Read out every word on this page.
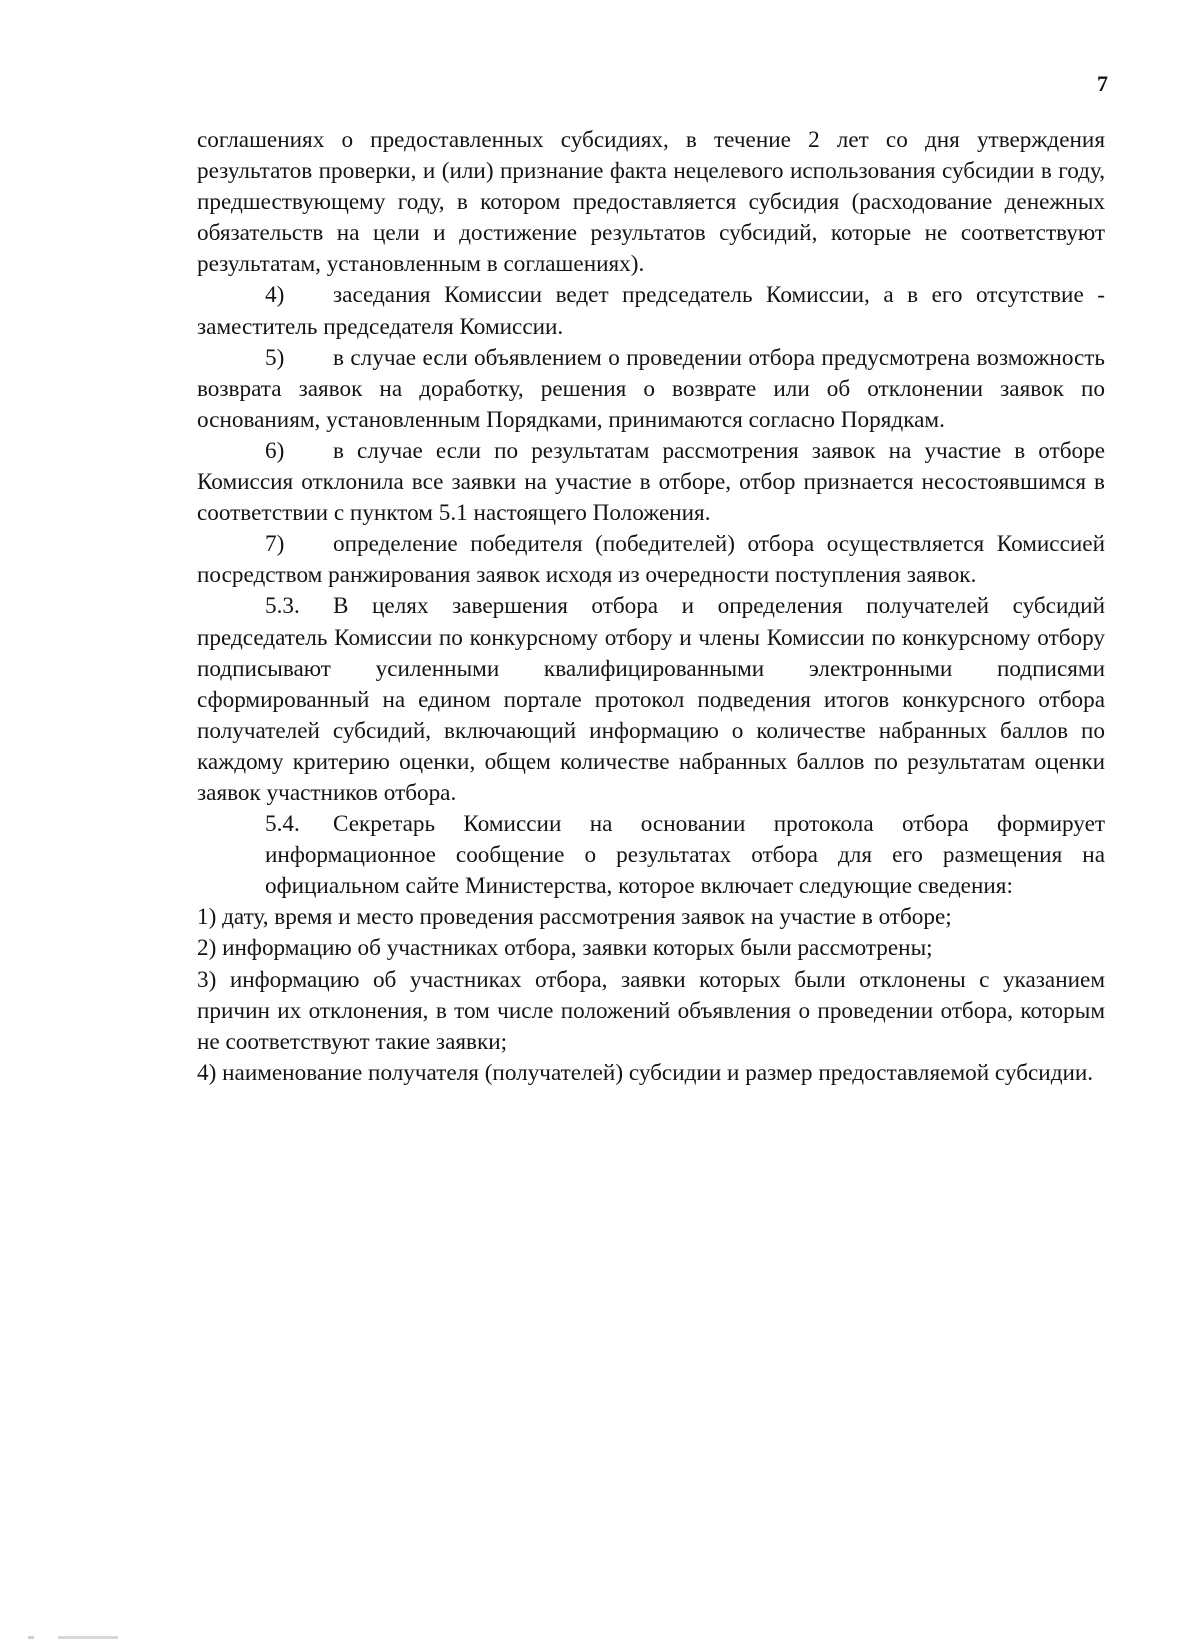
7

соглашениях о предоставленных субсидиях, в течение 2 лет со дня утверждения результатов проверки, и (или) признание факта нецелевого использования субсидии в году, предшествующему году, в котором предоставляется субсидия (расходование денежных обязательств на цели и достижение результатов субсидий, которые не соответствуют результатам, установленным в соглашениях).

4) заседания Комиссии ведет председатель Комиссии, а в его отсутствие - заместитель председателя Комиссии.

5) в случае если объявлением о проведении отбора предусмотрена возможность возврата заявок на доработку, решения о возврате или об отклонении заявок по основаниям, установленным Порядками, принимаются согласно Порядкам.

6) в случае если по результатам рассмотрения заявок на участие в отборе Комиссия отклонила все заявки на участие в отборе, отбор признается несостоявшимся в соответствии с пунктом 5.1 настоящего Положения.

7) определение победителя (победителей) отбора осуществляется Комиссией посредством ранжирования заявок исходя из очередности поступления заявок.

5.3. В целях завершения отбора и определения получателей субсидий председатель Комиссии по конкурсному отбору и члены Комиссии по конкурсному отбору подписывают усиленными квалифицированными электронными подписями сформированный на едином портале протокол подведения итогов конкурсного отбора получателей субсидий, включающий информацию о количестве набранных баллов по каждому критерию оценки, общем количестве набранных баллов по результатам оценки заявок участников отбора.

5.4. Секретарь Комиссии на основании протокола отбора формирует информационное сообщение о результатах отбора для его размещения на официальном сайте Министерства, которое включает следующие сведения:

1) дату, время и место проведения рассмотрения заявок на участие в отборе;

2) информацию об участниках отбора, заявки которых были рассмотрены;

3) информацию об участниках отбора, заявки которых были отклонены с указанием причин их отклонения, в том числе положений объявления о проведении отбора, которым не соответствуют такие заявки;

4) наименование получателя (получателей) субсидии и размер предоставляемой субсидии.
